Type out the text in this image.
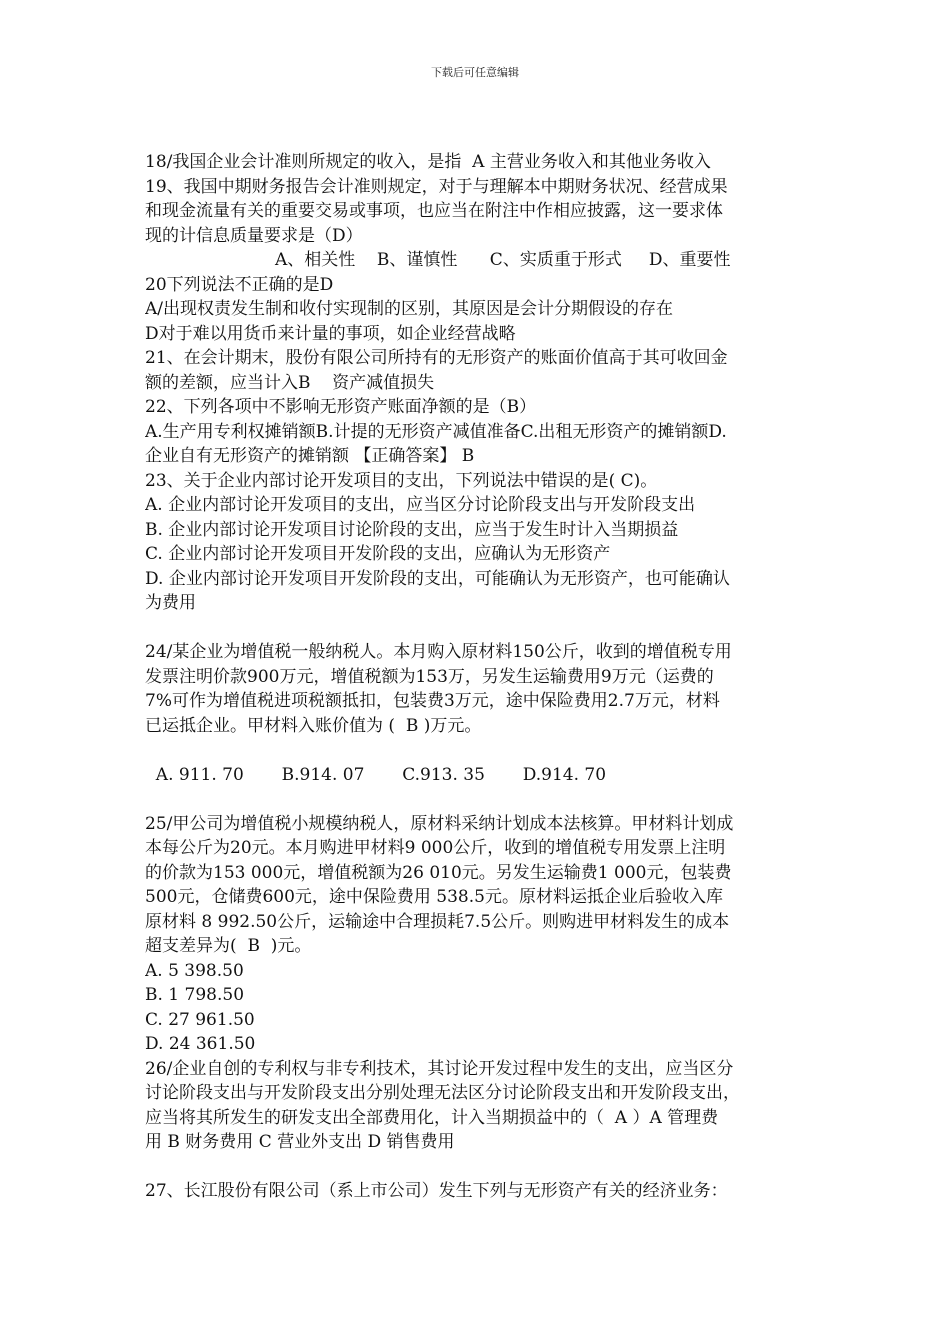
下载后可任意编辑
18/我国企业会计准则所规定的收入，是指  A 主营业务收入和其他业务收入
19、我国中期财务报告会计准则规定，对于与理解本中期财务状况、经营成果
和现金流量有关的重要交易或事项，也应当在附注中作相应披露，这一要求体
现的计信息质量要求是（D）
A、相关性    B、谨慎性      C、实质重于形式     D、重要性
20下列说法不正确的是D
A/出现权责发生制和收付实现制的区别，其原因是会计分期假设的存在
D对于难以用货币来计量的事项，如企业经营战略
21、在会计期末，股份有限公司所持有的无形资产的账面价值高于其可收回金
额的差额，应当计入B    资产减值损失
22、下列各项中不影响无形资产账面净额的是（B）
A.生产用专利权摊销额B.计提的无形资产减值准备C.出租无形资产的摊销额D.
企业自有无形资产的摊销额 【正确答案】 B
23、关于企业内部讨论开发项目的支出，下列说法中错误的是( C)。
A. 企业内部讨论开发项目的支出，应当区分讨论阶段支出与开发阶段支出
B. 企业内部讨论开发项目讨论阶段的支出，应当于发生时计入当期损益
C. 企业内部讨论开发项目开发阶段的支出，应确认为无形资产
D. 企业内部讨论开发项目开发阶段的支出，可能确认为无形资产，也可能确认
为费用
24/某企业为增值税一般纳税人。本月购入原材料150公斤，收到的增值税专用
发票注明价款900万元，增值税额为153万，另发生运输费用9万元（运费的
7%可作为增值税进项税额抵扣，包装费3万元，途中保险费用2.7万元，材料
已运抵企业。甲材料入账价值为 (  B )万元。
A. 911. 70       B.914. 07       C.913. 35       D.914. 70
25/甲公司为增值税小规模纳税人，原材料采纳计划成本法核算。甲材料计划成
本每公斤为20元。本月购进甲材料9 000公斤，收到的增值税专用发票上注明
的价款为153 000元，增值税额为26 010元。另发生运输费1 000元，包装费
500元，仓储费600元，途中保险费用 538.5元。原材料运抵企业后验收入库
原材料 8 992.50公斤，运输途中合理损耗7.5公斤。则购进甲材料发生的成本
超支差异为(  B  )元。
A. 5 398.50
B. 1 798.50
C. 27 961.50
D. 24 361.50
26/企业自创的专利权与非专利技术，其讨论开发过程中发生的支出，应当区分
讨论阶段支出与开发阶段支出分别处理无法区分讨论阶段支出和开发阶段支出，
应当将其所发生的研发支出全部费用化，计入当期损益中的（  A ）A 管理费
用 B 财务费用 C 营业外支出 D 销售费用
27、长江股份有限公司（系上市公司）发生下列与无形资产有关的经济业务：
